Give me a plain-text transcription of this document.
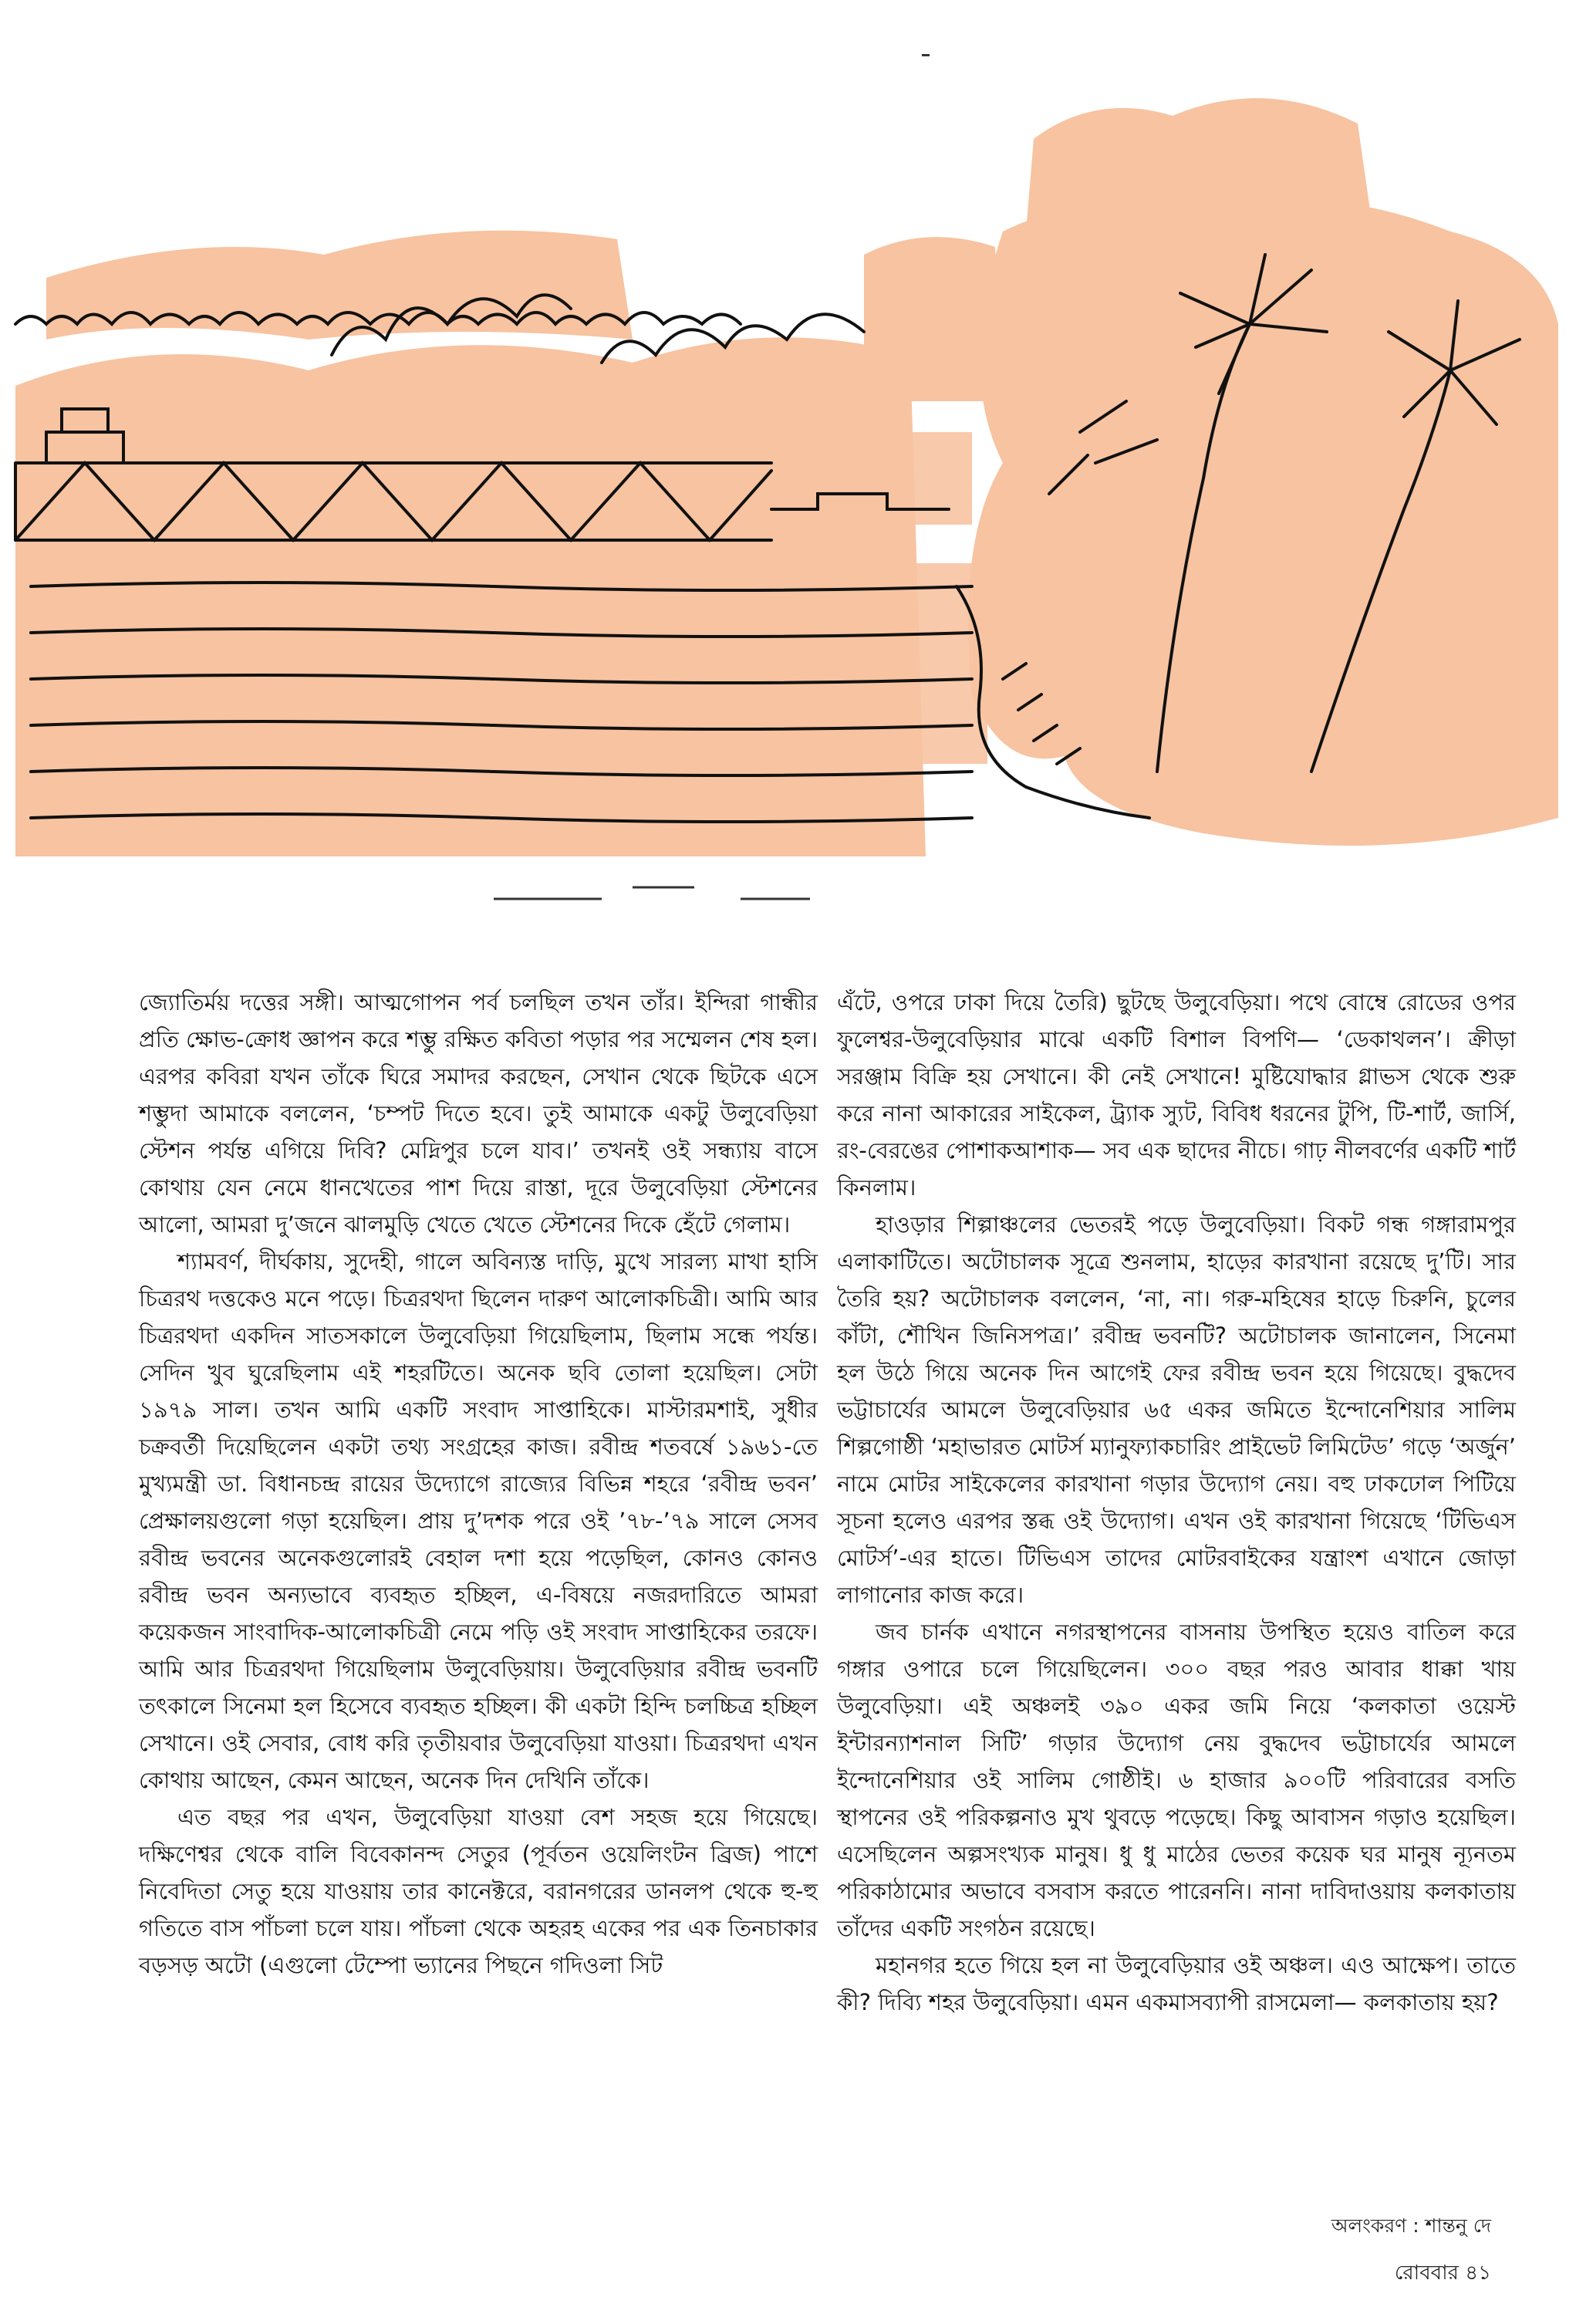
জ্যোতির্ময় দত্তের সঙ্গী। আত্মগোপন পর্ব চলছিল তখন তাঁর। ইন্দিরা গান্ধীর প্রতি ক্ষোভ-ক্রোধ জ্ঞাপন করে শম্ভু রক্ষিত কবিতা পড়ার পর সম্মেলন শেষ হল। এরপর কবিরা যখন তাঁকে ঘিরে সমাদর করছেন, সেখান থেকে ছিটকে এসে শম্ভুদা আমাকে বললেন, ‘চম্পট দিতে হবে। তুই আমাকে একটু উলুবেড়িয়া স্টেশন পর্যন্ত এগিয়ে দিবি? মেদ্নিপুর চলে যাব।’ তখনই ওই সন্ধ্যায় বাসে কোথায় যেন নেমে ধানখেতের পাশ দিয়ে রাস্তা, দূরে উলুবেড়িয়া স্টেশনের আলো, আমরা দু’জনে ঝালমুড়ি খেতে খেতে স্টেশনের দিকে হেঁটে গেলাম।

শ্যামবর্ণ, দীর্ঘকায়, সুদেহী, গালে অবিন্যস্ত দাড়ি, মুখে সারল্য মাখা হাসি চিত্ররথ দত্তকেও মনে পড়ে। চিত্ররথদা ছিলেন দারুণ আলোকচিত্রী। আমি আর চিত্ররথদা একদিন সাতসকালে উলুবেড়িয়া গিয়েছিলাম, ছিলাম সন্ধে পর্যন্ত। সেদিন খুব ঘুরেছিলাম এই শহরটিতে। অনেক ছবি তোলা হয়েছিল। সেটা ১৯৭৯ সাল। তখন আমি একটি সংবাদ সাপ্তাহিকে। মাস্টারমশাই, সুধীর চক্রবর্তী দিয়েছিলেন একটা তথ্য সংগ্রহের কাজ। রবীন্দ্র শতবর্ষে ১৯৬১-তে মুখ্যমন্ত্রী ডা. বিধানচন্দ্র রায়ের উদ্যোগে রাজ্যের বিভিন্ন শহরে ‘রবীন্দ্র ভবন’ প্রেক্ষালয়গুলো গড়া হয়েছিল। প্রায় দু’দশক পরে ওই ’৭৮-’৭৯ সালে সেসব রবীন্দ্র ভবনের অনেকগুলোরই বেহাল দশা হয়ে পড়েছিল, কোনও কোনও রবীন্দ্র ভবন অন্যভাবে ব্যবহৃত হচ্ছিল, এ-বিষয়ে নজরদারিতে আমরা কয়েকজন সাংবাদিক-আলোকচিত্রী নেমে পড়ি ওই সংবাদ সাপ্তাহিকের তরফে। আমি আর চিত্ররথদা গিয়েছিলাম উলুবেড়িয়ায়। উলুবেড়িয়ার রবীন্দ্র ভবনটি তৎকালে সিনেমা হল হিসেবে ব্যবহৃত হচ্ছিল। কী একটা হিন্দি চলচ্চিত্র হচ্ছিল সেখানে। ওই সেবার, বোধ করি তৃতীয়বার উলুবেড়িয়া যাওয়া। চিত্ররথদা এখন কোথায় আছেন, কেমন আছেন, অনেক দিন দেখিনি তাঁকে।

এত বছর পর এখন, উলুবেড়িয়া যাওয়া বেশ সহজ হয়ে গিয়েছে। দক্ষিণেশ্বর থেকে বালি বিবেকানন্দ সেতুর (পূর্বতন ওয়েলিংটন ব্রিজ) পাশে নিবেদিতা সেতু হয়ে যাওয়ায় তার কানেক্টরে, বরানগরের ডানলপ থেকে হু-হু গতিতে বাস পাঁচলা চলে যায়। পাঁচলা থেকে অহরহ একের পর এক তিনচাকার বড়সড় অটো (এগুলো টেম্পো ভ্যানের পিছনে গদিওলা সিট

এঁটে, ওপরে ঢাকা দিয়ে তৈরি) ছুটছে উলুবেড়িয়া। পথে বোম্বে রোডের ওপর ফুলেশ্বর-উলুবেড়িয়ার মাঝে একটি বিশাল বিপণি— ‘ডেকাথলন’। ক্রীড়া সরঞ্জাম বিক্রি হয় সেখানে। কী নেই সেখানে! মুষ্টিযোদ্ধার গ্লাভস থেকে শুরু করে নানা আকারের সাইকেল, ট্র্যাক স্যুট, বিবিধ ধরনের টুপি, টি-শার্ট, জার্সি, রং-বেরঙের পোশাকআশাক— সব এক ছাদের নীচে। গাঢ় নীলবর্ণের একটি শার্ট কিনলাম।

হাওড়ার শিল্পাঞ্চলের ভেতরই পড়ে উলুবেড়িয়া। বিকট গন্ধ গঙ্গারামপুর এলাকাটিতে। অটোচালক সূত্রে শুনলাম, হাড়ের কারখানা রয়েছে দু’টি। সার তৈরি হয়? অটোচালক বললেন, ‘না, না। গরু-মহিষের হাড়ে চিরুনি, চুলের কাঁটা, শৌখিন জিনিসপত্র।’ রবীন্দ্র ভবনটি? অটোচালক জানালেন, সিনেমা হল উঠে গিয়ে অনেক দিন আগেই ফের রবীন্দ্র ভবন হয়ে গিয়েছে। বুদ্ধদেব ভট্টাচার্যের আমলে উলুবেড়িয়ার ৬৫ একর জমিতে ইন্দোনেশিয়ার সালিম শিল্পগোষ্ঠী ‘মহাভারত মোটর্স ম্যানুফ্যাকচারিং প্রাইভেট লিমিটেড’ গড়ে ‘অর্জুন’ নামে মোটর সাইকেলের কারখানা গড়ার উদ্যোগ নেয়। বহু ঢাকঢোল পিটিয়ে সূচনা হলেও এরপর স্তব্ধ ওই উদ্যোগ। এখন ওই কারখানা গিয়েছে ‘টিভিএস মোটর্স’-এর হাতে। টিভিএস তাদের মোটরবাইকের যন্ত্রাংশ এখানে জোড়া লাগানোর কাজ করে।

জব চার্নক এখানে নগরস্থাপনের বাসনায় উপস্থিত হয়েও বাতিল করে গঙ্গার ওপারে চলে গিয়েছিলেন। ৩০০ বছর পরও আবার ধাক্কা খায় উলুবেড়িয়া। এই অঞ্চলই ৩৯০ একর জমি নিয়ে ‘কলকাতা ওয়েস্ট ইন্টারন্যাশনাল সিটি’ গড়ার উদ্যোগ নেয় বুদ্ধদেব ভট্টাচার্যের আমলে ইন্দোনেশিয়ার ওই সালিম গোষ্ঠীই। ৬ হাজার ৯০০টি পরিবারের বসতি স্থাপনের ওই পরিকল্পনাও মুখ থুবড়ে পড়েছে। কিছু আবাসন গড়াও হয়েছিল। এসেছিলেন অল্পসংখ্যক মানুষ। ধু ধু মাঠের ভেতর কয়েক ঘর মানুষ ন্যূনতম পরিকাঠামোর অভাবে বসবাস করতে পারেননি। নানা দাবিদাওয়ায় কলকাতায় তাঁদের একটি সংগঠন রয়েছে।

মহানগর হতে গিয়ে হল না উলুবেড়িয়ার ওই অঞ্চল। এও আক্ষেপ। তাতে কী? দিব্যি শহর উলুবেড়িয়া। এমন একমাসব্যাপী রাসমেলা— কলকাতায় হয়?

অলংকরণ : শান্তনু দে
রোববার ৪১
